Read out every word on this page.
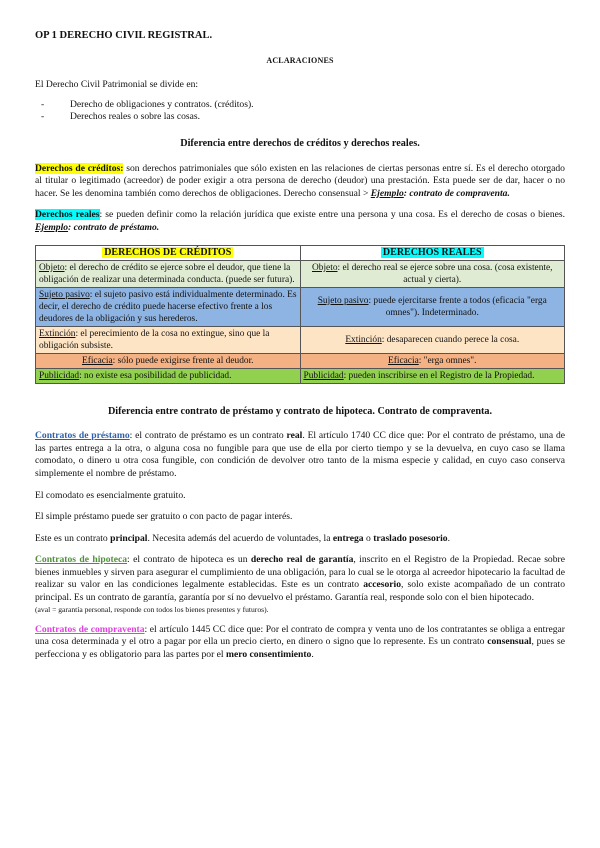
OP 1 DERECHO CIVIL REGISTRAL.

ACLARACIONES

El Derecho Civil Patrimonial se divide en:

- Derecho de obligaciones y contratos. (créditos).
- Derechos reales o sobre las cosas.
Diferencia entre derechos de créditos y derechos reales.

Derechos de créditos: son derechos patrimoniales que sólo existen en las relaciones de ciertas personas entre sí. Es el derecho otorgado al titular o legitimado (acreedor) de poder exigir a otra persona de derecho (deudor) una prestación. Esta puede ser de dar, hacer o no hacer. Se les denomina también como derechos de obligaciones. Derecho consensual > Ejemplo: contrato de compraventa.

Derechos reales: se pueden definir como la relación jurídica que existe entre una persona y una cosa. Es el derecho de cosas o bienes. Ejemplo: contrato de préstamo.

DERECHOS DE CRÉDITOS	DERECHOS REALES
Objeto: el derecho de crédito se ejerce sobre el deudor, que tiene la obligación de realizar una determinada conducta. (puede ser futura).	Objeto: el derecho real se ejerce sobre una cosa. (cosa existente, actual y cierta).
Sujeto pasivo: el sujeto pasivo está individualmente determinado. Es decir, el derecho de crédito puede hacerse efectivo frente a los deudores de la obligación y sus herederos.	Sujeto pasivo: puede ejercitarse frente a todos (eficacia "erga omnes"). Indeterminado.
Extinción: el perecimiento de la cosa no extingue, sino que la obligación subsiste.	Extinción: desaparecen cuando perece la cosa.
Eficacia: sólo puede exigirse frente al deudor.	Eficacia: "erga omnes".
Publicidad: no existe esa posibilidad de publicidad.	Publicidad: pueden inscribirse en el Registro de la Propiedad.
Diferencia entre contrato de préstamo y contrato de hipoteca. Contrato de compraventa.

Contratos de préstamo: el contrato de préstamo es un contrato real. El artículo 1740 CC dice que: Por el contrato de préstamo, una de las partes entrega a la otra, o alguna cosa no fungible para que use de ella por cierto tiempo y se la devuelva, en cuyo caso se llama comodato, o dinero u otra cosa fungible, con condición de devolver otro tanto de la misma especie y calidad, en cuyo caso conserva simplemente el nombre de préstamo.

El comodato es esencialmente gratuito.

El simple préstamo puede ser gratuito o con pacto de pagar interés.

Este es un contrato principal. Necesita además del acuerdo de voluntades, la entrega o traslado posesorio.

Contratos de hipoteca: el contrato de hipoteca es un derecho real de garantía, inscrito en el Registro de la Propiedad. Recae sobre bienes inmuebles y sirven para asegurar el cumplimiento de una obligación, para lo cual se le otorga al acreedor hipotecario la facultad de realizar su valor en las condiciones legalmente establecidas. Este es un contrato accesorio, solo existe acompañado de un contrato principal. Es un contrato de garantía, garantía por sí no devuelvo el préstamo. Garantía real, responde solo con el bien hipotecado.

(aval = garantía personal, responde con todos los bienes presentes y futuros).

Contratos de compraventa: el artículo 1445 CC dice que: Por el contrato de compra y venta uno de los contratantes se obliga a entregar una cosa determinada y el otro a pagar por ella un precio cierto, en dinero o signo que lo represente. Es un contrato consensual, pues se perfecciona y es obligatorio para las partes por el mero consentimiento.
